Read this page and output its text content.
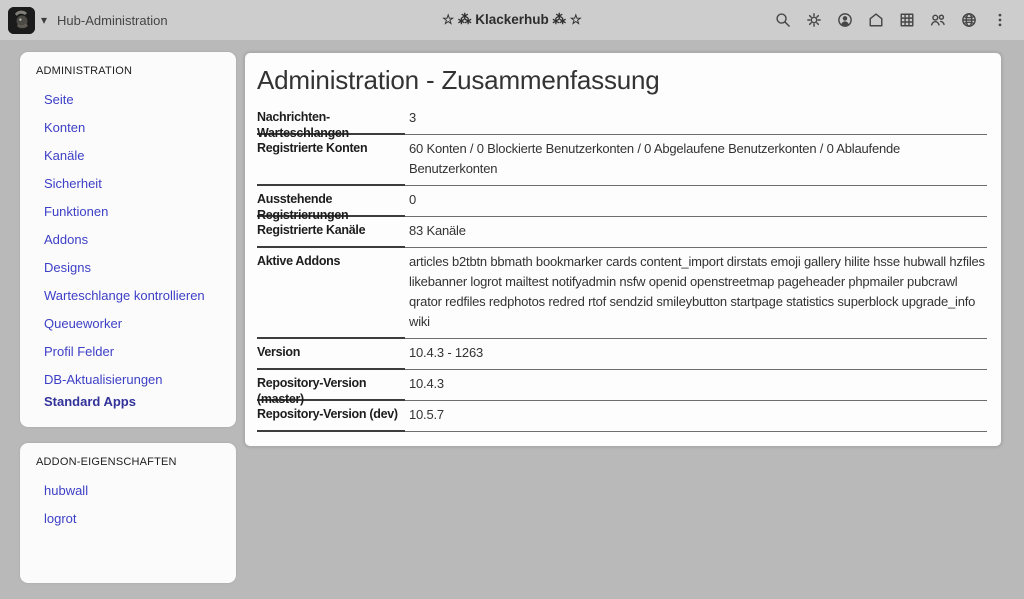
▾ Hub-Administration	☆ ⁂ Klackerhub ⁂ ☆
ADMINISTRATION
Seite
Konten
Kanäle
Sicherheit
Funktionen
Addons
Designs
Warteschlange kontrollieren
Queueworker
Profil Felder
DB-Aktualisierungen
Standard Apps
ADDON-EIGENSCHAFTEN
hubwall
logrot
Administration - Zusammenfassung
Nachrichten-Warteschlangen	3

Registrierte Konten	60 Konten / 0 Blockierte Benutzerkonten / 0 Abgelaufene Benutzerkonten / 0 Ablaufende Benutzerkonten

Ausstehende Registrierungen	0

Registrierte Kanäle	83 Kanäle

Aktive Addons	articles b2tbtn bbmath bookmarker cards content_import dirstats emoji gallery hilite hsse hubwall hzfiles likebanner logrot mailtest notifyadmin nsfw openid openstreetmap pageheader phpmailer pubcrawl qrator redfiles redphotos redred rtof sendzid smileybutton startpage statistics superblock upgrade_info wiki

Version	10.4.3 - 1263

Repository-Version (master)	10.4.3

Repository-Version (dev)	10.5.7
